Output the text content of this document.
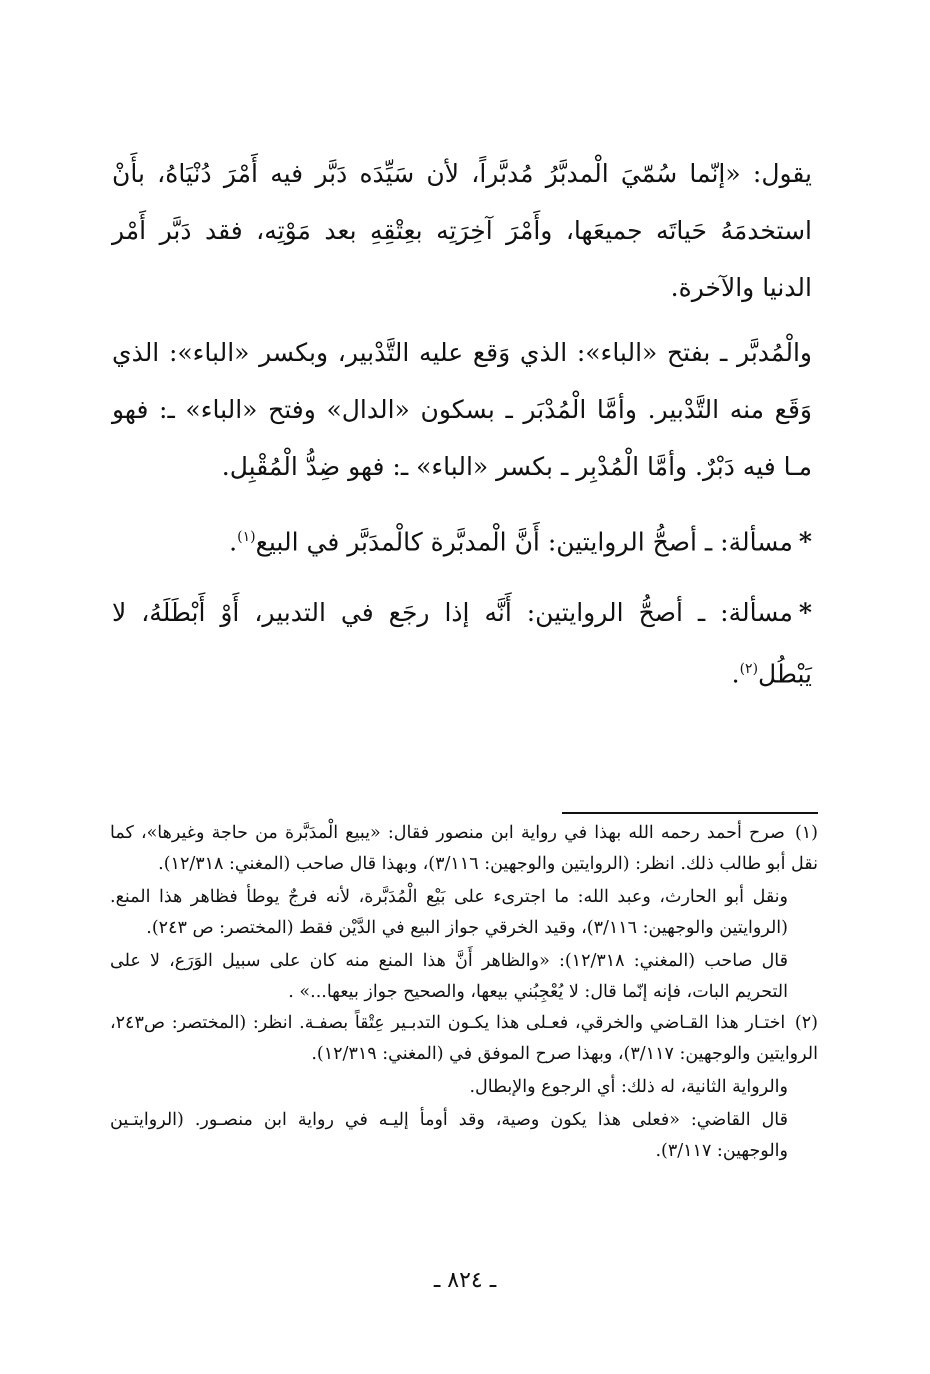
يقول: «إنّما سُمّيَ الْمدبَّرُ مُدبَّراً، لأن سَيِّدَه دَبَّر فيه أَمْرَ دُنْيَاهُ، بأَنْ استخدمَهُ حَياتَه جميعَها، وأَمْرَ آخِرَتِه بعِتْقِهِ بعد مَوْتِه، فقد دَبَّر أَمْر الدنيا والآخرة.

والْمُدبَّر ـ بفتح «الباء»: الذي وَقع عليه التَّدْبير، وبكسر «الباء»: الذي وَقَع منه التَّدْبير. وأمَّا الْمُدْبَر ـ بسكون «الدال» وفتح «الباء» ـ: فهو مـا فيه دَبْرٌ. وأمَّا الْمُدْبِر ـ بكسر «الباء» ـ: فهو ضِدُّ الْمُقْبِل.

*مسألة: ـ أصحُّ الروايتين: أَنَّ الْمدبَّرة كالْمدَبَّر في البيع$^{(١)}$.

*مسألة: ـ أصحُّ الروايتين: أَنَّه إذا رجَع في التدبير، أَوْ أَبْطَلَهُ، لا يَبْطُل$^{(٢)}$.

(١) صرح أحمد رحمه الله بهذا في رواية ابن منصور فقال: «يبيع الْمدَبَّرة من حاجة وغيرها»، كما نقل أبو طالب ذلك. انظر: (الروايتين والوجهين: ٣/١١٦)، وبهذا قال صاحب (المغني: ١٢/٣١٨).

ونقل أبو الحارث، وعبد الله: ما اجترىء على بَيْع الْمُدَبَّرة، لأنه فرجٌ يوطأ فظاهر هذا المنع. (الروايتين والوجهين: ٣/١١٦)، وقيد الخرقي جواز البيع في الدَّيْن فقط (المختصر: ص ٢٤٣).

قال صاحب (المغني: ١٢/٣١٨): «والظاهر أَنَّ هذا المنع منه كان على سبيل الوَرَع، لا على التحريم البات، فإنه إنّما قال: لا يُعْجِبُني بيعها، والصحيح جواز بيعها...» .

(٢) اختـار هذا القـاضي والخرقي، فعـلى هذا يكـون التدبـير عِتْقاً بصفـة. انظر: (المختصر: ص٢٤٣، الروايتين والوجهين: ٣/١١٧)، وبهذا صرح الموفق في (المغني: ١٢/٣١٩).

والرواية الثانية، له ذلك: أي الرجوع والإبطال.

قال القاضي: «فعلى هذا يكون وصية، وقد أومأ إليـه في رواية ابن منصـور. (الروايتـين والوجهين: ٣/١١٧).

ـ ٨٢٤ ـ
